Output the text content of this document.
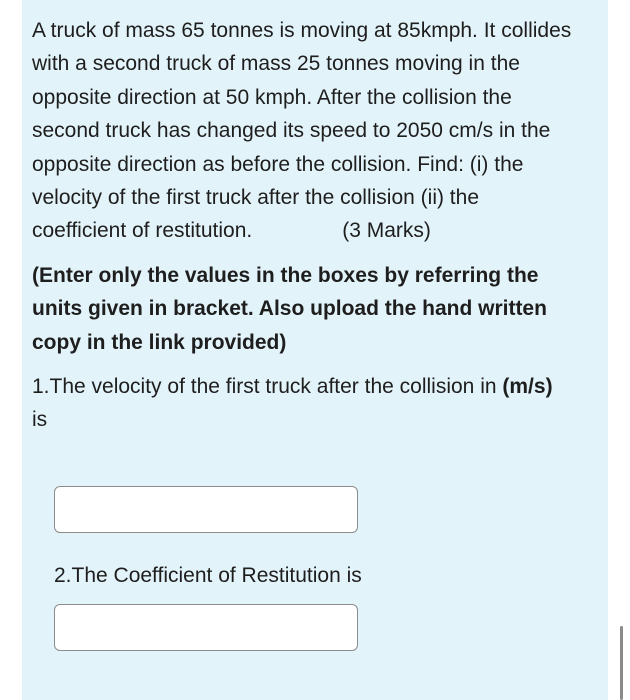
A truck of mass 65 tonnes is moving at 85kmph. It collides with a second truck of mass 25 tonnes moving in the opposite direction at 50 kmph. After the collision the second truck has changed its speed to 2050 cm/s in the opposite direction as before the collision. Find: (i) the velocity of the first truck after the collision (ii) the coefficient of restitution.	(3 Marks)

(Enter only the values in the boxes by referring the units given in bracket. Also upload the hand written copy in the link provided)

1.The velocity of the first truck after the collision in (m/s) is

2.The Coefficient of Restitution is
